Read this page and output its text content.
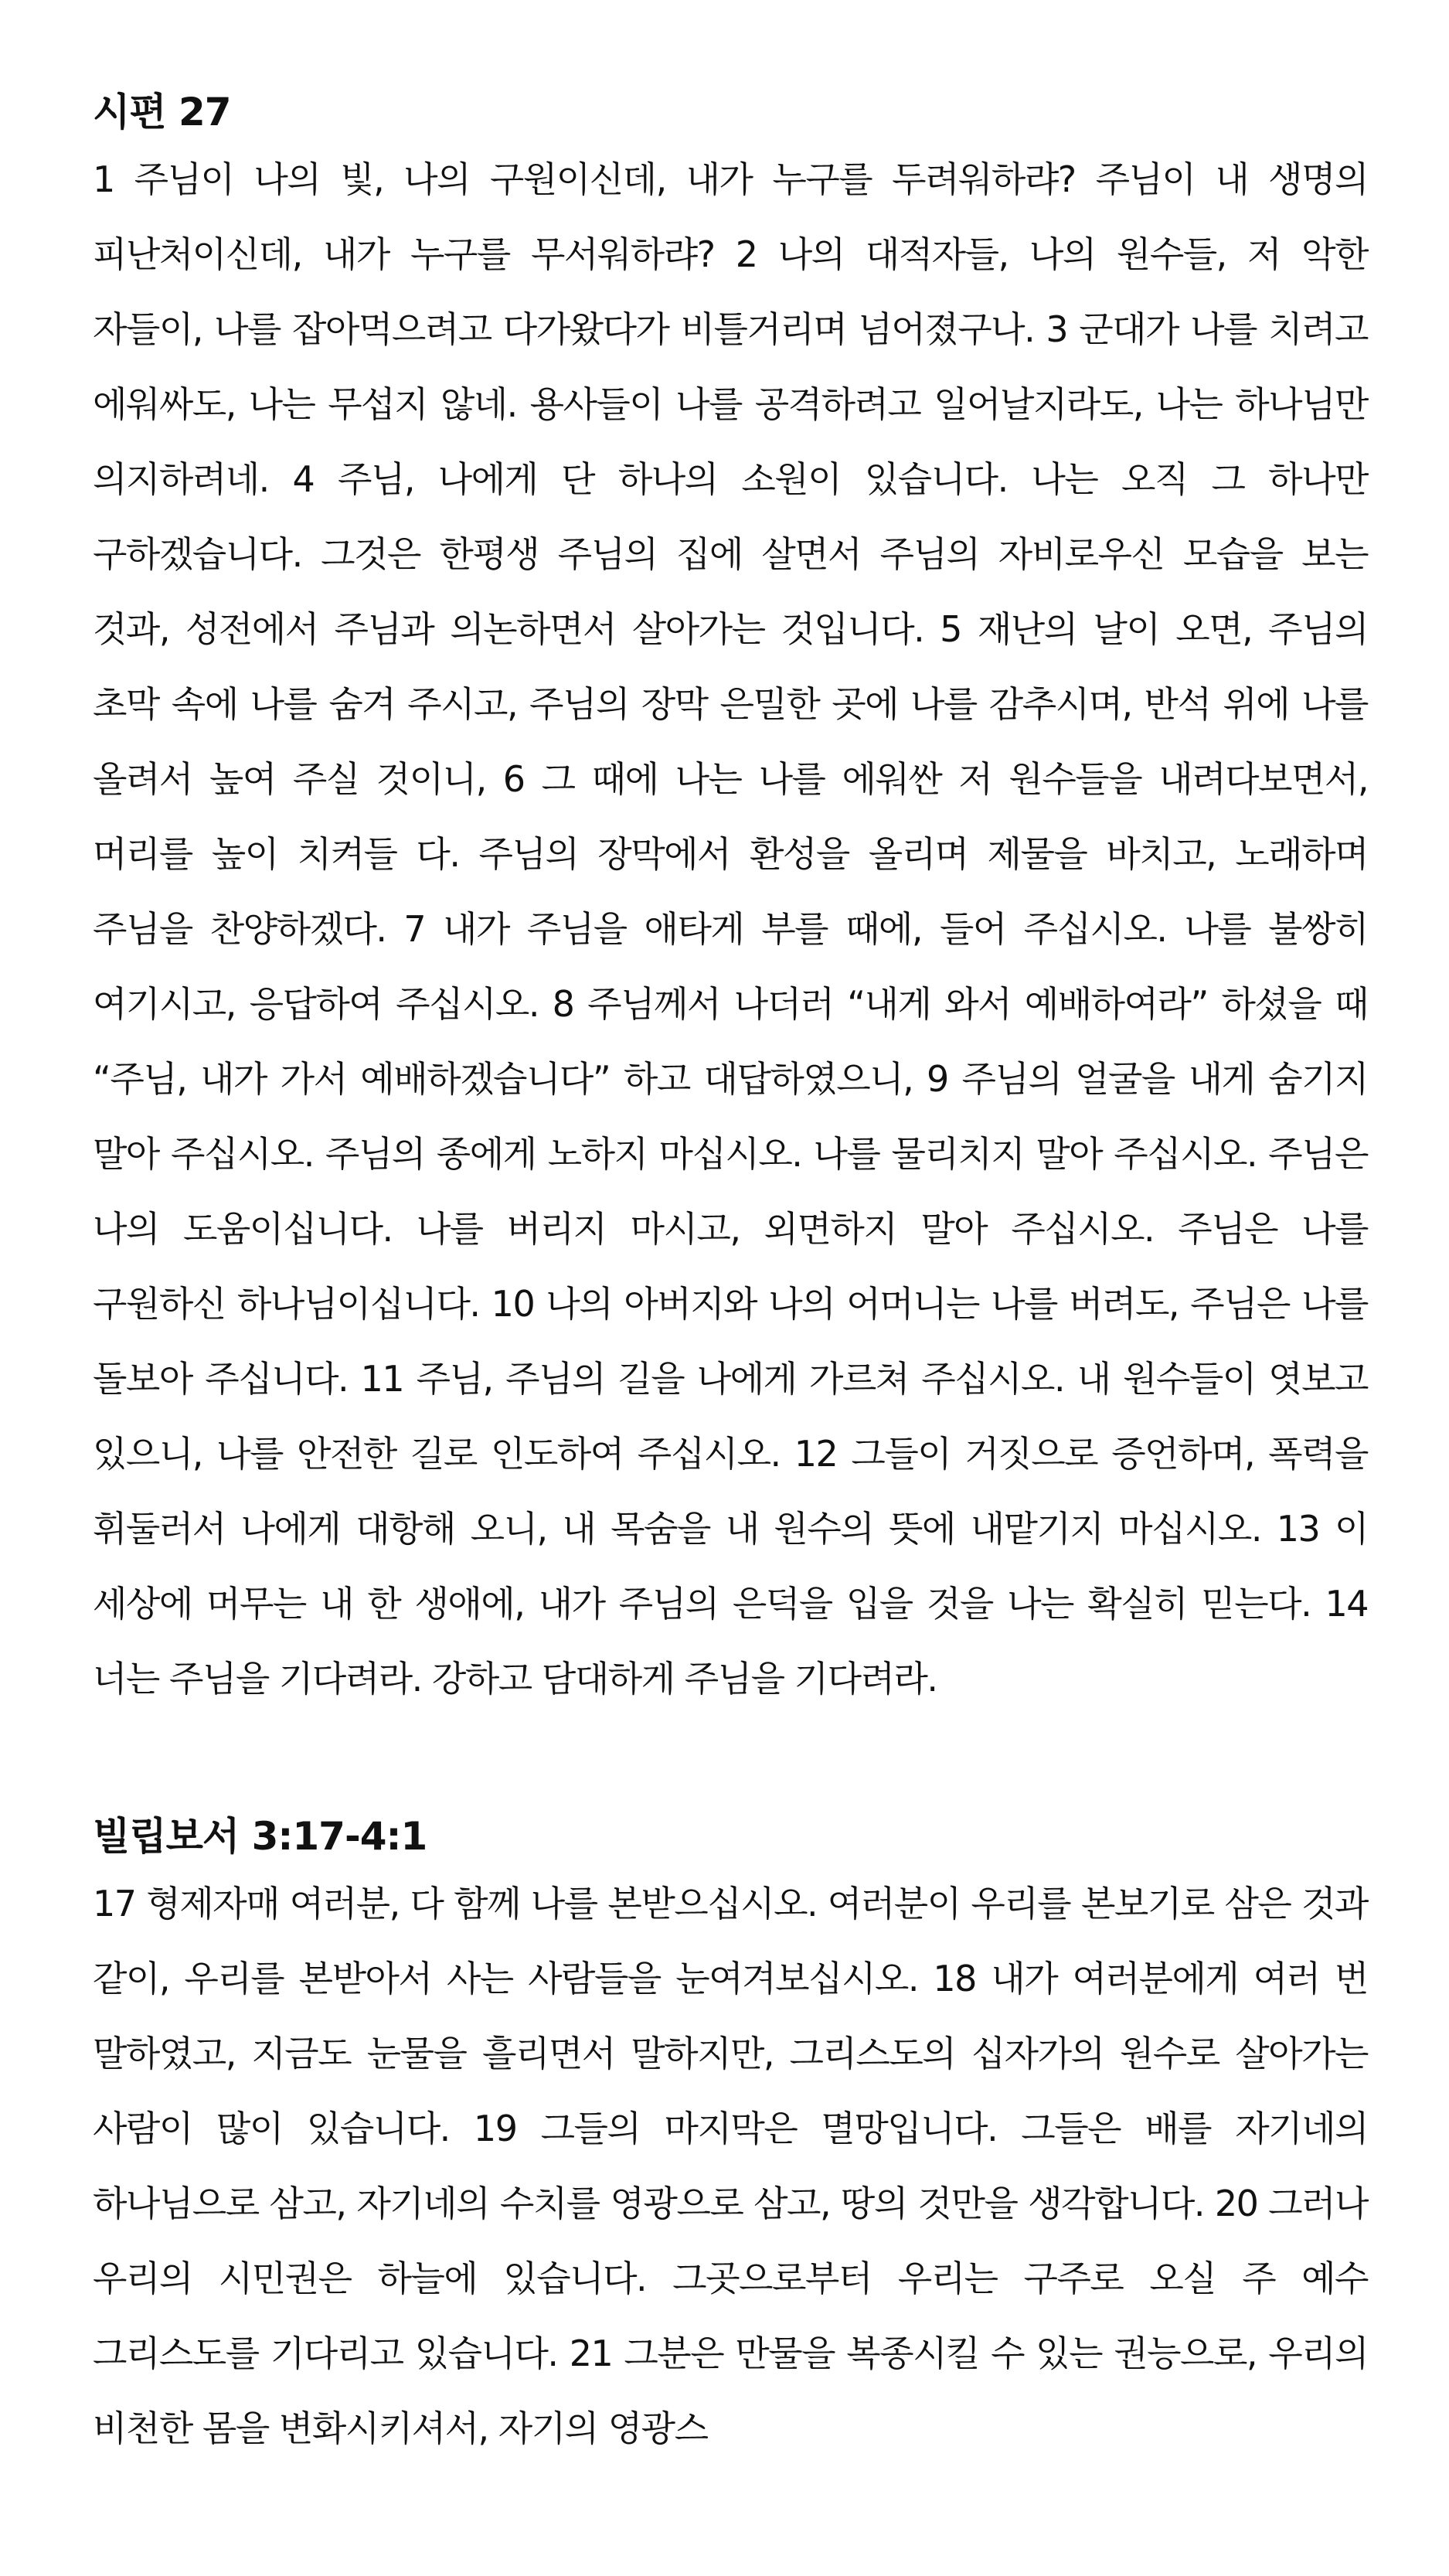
시편 27

1 주님이 나의 빛, 나의 구원이신데, 내가 누구를 두려워하랴? 주님이 내 생명의 피난처이신데, 내가 누구를 무서워하랴? 2 나의 대적자들, 나의 원수들, 저 악한 자들이, 나를 잡아먹으려고 다가왔다가 비틀거리며 넘어졌구나. 3 군대가 나를 치려고 에워싸도, 나는 무섭지 않네. 용사들이 나를 공격하려고 일어날지라도, 나는 하나님만 의지하려네. 4 주님, 나에게 단 하나의 소원이 있습니다. 나는 오직 그 하나만 구하겠습니다. 그것은 한평생 주님의 집에 살면서 주님의 자비로우신 모습을 보는 것과, 성전에서 주님과 의논하면서 살아가는 것입니다. 5 재난의 날이 오면, 주님의 초막 속에 나를 숨겨 주시고, 주님의 장막 은밀한 곳에 나를 감추시며, 반석 위에 나를 올려서 높여 주실 것이니, 6 그 때에 나는 나를 에워싼 저 원수들을 내려다보면서, 머리를 높이 치켜들 다. 주님의 장막에서 환성을 올리며 제물을 바치고, 노래하며 주님을 찬양하겠다. 7 내가 주님을 애타게 부를 때에, 들어 주십시오. 나를 불쌍히 여기시고, 응답하여 주십시오. 8 주님께서 나더러 “내게 와서 예배하여라” 하셨을 때 “주님, 내가 가서 예배하겠습니다” 하고 대답하였으니, 9 주님의 얼굴을 내게 숨기지 말아 주십시오. 주님의 종에게 노하지 마십시오. 나를 물리치지 말아 주십시오. 주님은 나의 도움이십니다. 나를 버리지 마시고, 외면하지 말아 주십시오. 주님은 나를 구원하신 하나님이십니다. 10 나의 아버지와 나의 어머니는 나를 버려도, 주님은 나를 돌보아 주십니다. 11 주님, 주님의 길을 나에게 가르쳐 주십시오. 내 원수들이 엿보고 있으니, 나를 안전한 길로 인도하여 주십시오. 12 그들이 거짓으로 증언하며, 폭력을 휘둘러서 나에게 대항해 오니, 내 목숨을 내 원수의 뜻에 내맡기지 마십시오. 13 이 세상에 머무는 내 한 생애에, 내가 주님의 은덕을 입을 것을 나는 확실히 믿는다. 14 너는 주님을 기다려라. 강하고 담대하게 주님을 기다려라.

빌립보서 3:17-4:1

17 형제자매 여러분, 다 함께 나를 본받으십시오. 여러분이 우리를 본보기로 삼은 것과 같이, 우리를 본받아서 사는 사람들을 눈여겨보십시오. 18 내가 여러분에게 여러 번 말하였고, 지금도 눈물을 흘리면서 말하지만, 그리스도의 십자가의 원수로 살아가는 사람이 많이 있습니다. 19 그들의 마지막은 멸망입니다. 그들은 배를 자기네의 하나님으로 삼고, 자기네의 수치를 영광으로 삼고, 땅의 것만을 생각합니다. 20 그러나 우리의 시민권은 하늘에 있습니다. 그곳으로부터 우리는 구주로 오실 주 예수 그리스도를 기다리고 있습니다. 21 그분은 만물을 복종시킬 수 있는 권능으로, 우리의 비천한 몸을 변화시키셔서, 자기의 영광스
